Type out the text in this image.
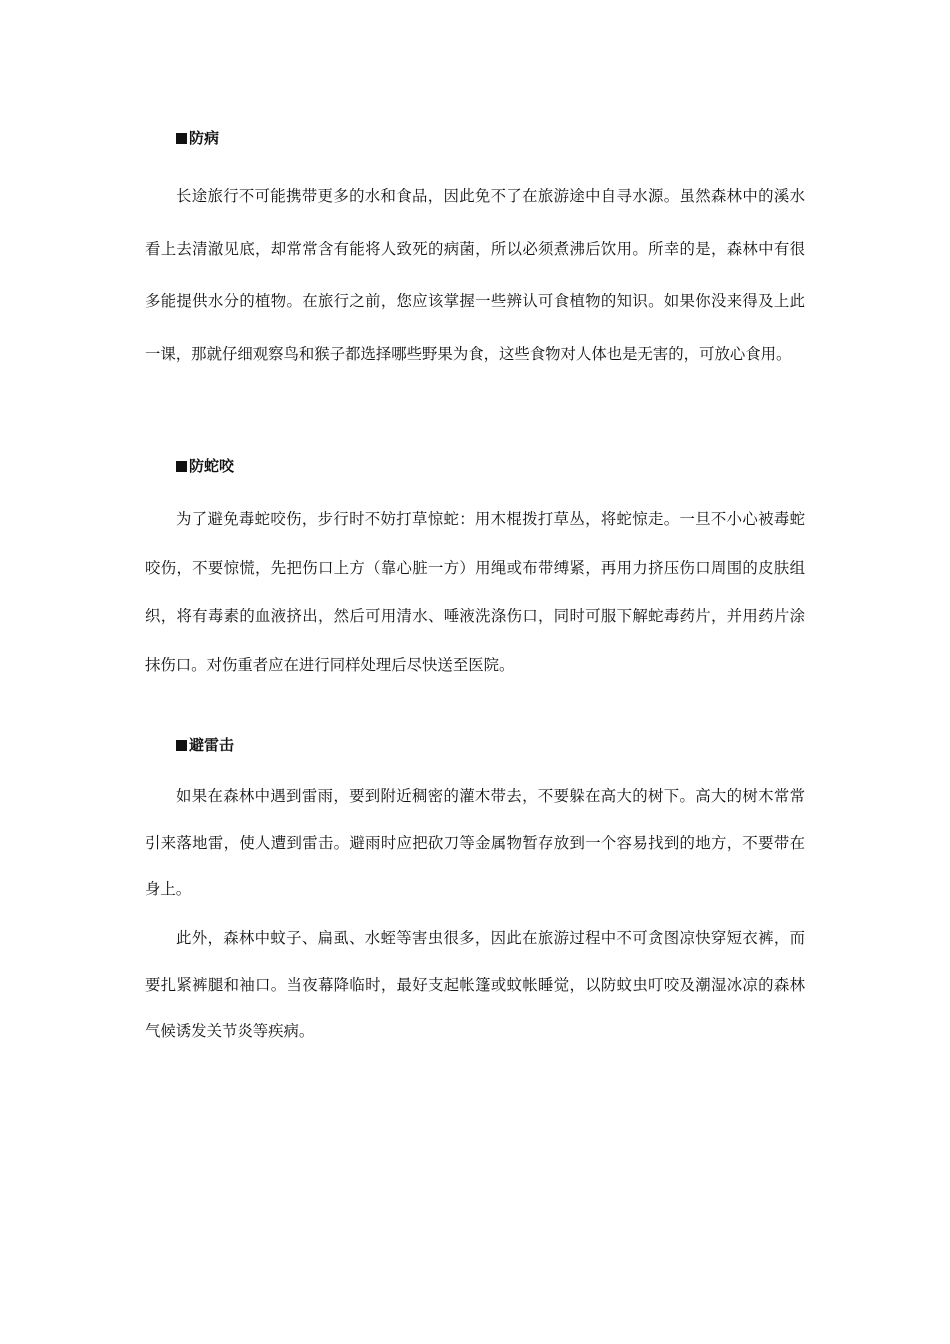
防病

长途旅行不可能携带更多的水和食品，因此免不了在旅游途中自寻水源。虽然森林中的溪水看上去清澈见底，却常常含有能将人致死的病菌，所以必须煮沸后饮用。所幸的是，森林中有很多能提供水分的植物。在旅行之前，您应该掌握一些辨认可食植物的知识。如果你没来得及上此一课，那就仔细观察鸟和猴子都选择哪些野果为食，这些食物对人体也是无害的，可放心食用。

防蛇咬

为了避免毒蛇咬伤，步行时不妨打草惊蛇：用木棍拨打草丛，将蛇惊走。一旦不小心被毒蛇咬伤，不要惊慌，先把伤口上方（靠心脏一方）用绳或布带缚紧，再用力挤压伤口周围的皮肤组织，将有毒素的血液挤出，然后可用清水、唾液洗涤伤口，同时可服下解蛇毒药片，并用药片涂抹伤口。对伤重者应在进行同样处理后尽快送至医院。

避雷击

如果在森林中遇到雷雨，要到附近稠密的灌木带去，不要躲在高大的树下。高大的树木常常引来落地雷，使人遭到雷击。避雨时应把砍刀等金属物暂存放到一个容易找到的地方，不要带在身上。

此外，森林中蚊子、扁虱、水蛭等害虫很多，因此在旅游过程中不可贪图凉快穿短衣裤，而要扎紧裤腿和袖口。当夜幕降临时，最好支起帐篷或蚊帐睡觉，以防蚊虫叮咬及潮湿冰凉的森林气候诱发关节炎等疾病。
